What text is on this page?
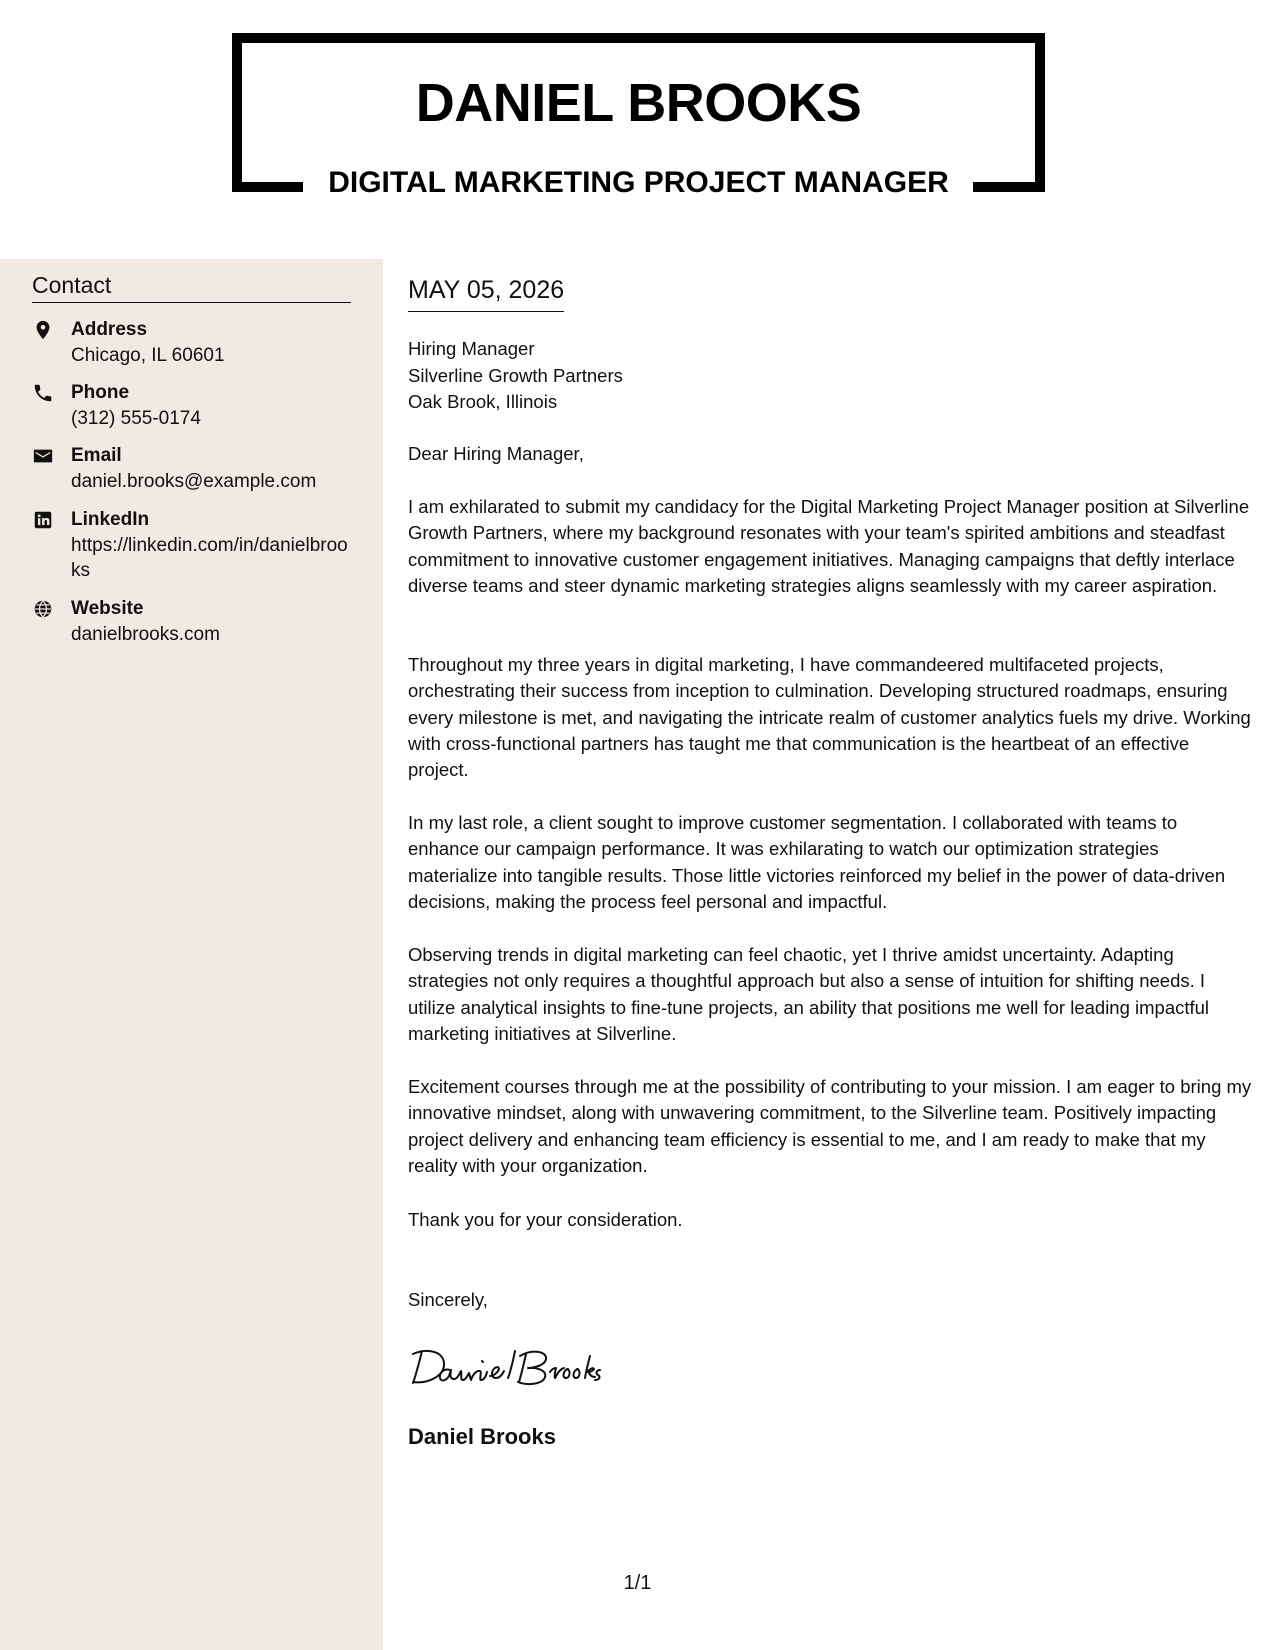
DANIEL BROOKS
DIGITAL MARKETING PROJECT MANAGER
Contact
Address
Chicago, IL 60601
Phone
(312) 555-0174
Email
daniel.brooks@example.com
LinkedIn
https://linkedin.com/in/danielbrooks
Website
danielbrooks.com
MAY 05, 2026
Hiring Manager
Silverline Growth Partners
Oak Brook, Illinois

Dear Hiring Manager,

I am exhilarated to submit my candidacy for the Digital Marketing Project Manager position at Silverline Growth Partners, where my background resonates with your team's spirited ambitions and steadfast commitment to innovative customer engagement initiatives. Managing campaigns that deftly interlace diverse teams and steer dynamic marketing strategies aligns seamlessly with my career aspiration.

Throughout my three years in digital marketing, I have commandeered multifaceted projects, orchestrating their success from inception to culmination. Developing structured roadmaps, ensuring every milestone is met, and navigating the intricate realm of customer analytics fuels my drive. Working with cross-functional partners has taught me that communication is the heartbeat of an effective project.

In my last role, a client sought to improve customer segmentation. I collaborated with teams to enhance our campaign performance. It was exhilarating to watch our optimization strategies materialize into tangible results. Those little victories reinforced my belief in the power of data-driven decisions, making the process feel personal and impactful.

Observing trends in digital marketing can feel chaotic, yet I thrive amidst uncertainty. Adapting strategies not only requires a thoughtful approach but also a sense of intuition for shifting needs. I utilize analytical insights to fine-tune projects, an ability that positions me well for leading impactful marketing initiatives at Silverline.

Excitement courses through me at the possibility of contributing to your mission. I am eager to bring my innovative mindset, along with unwavering commitment, to the Silverline team. Positively impacting project delivery and enhancing team efficiency is essential to me, and I am ready to make that my reality with your organization.

Thank you for your consideration.

Sincerely,

Daniel Brooks

1/1
